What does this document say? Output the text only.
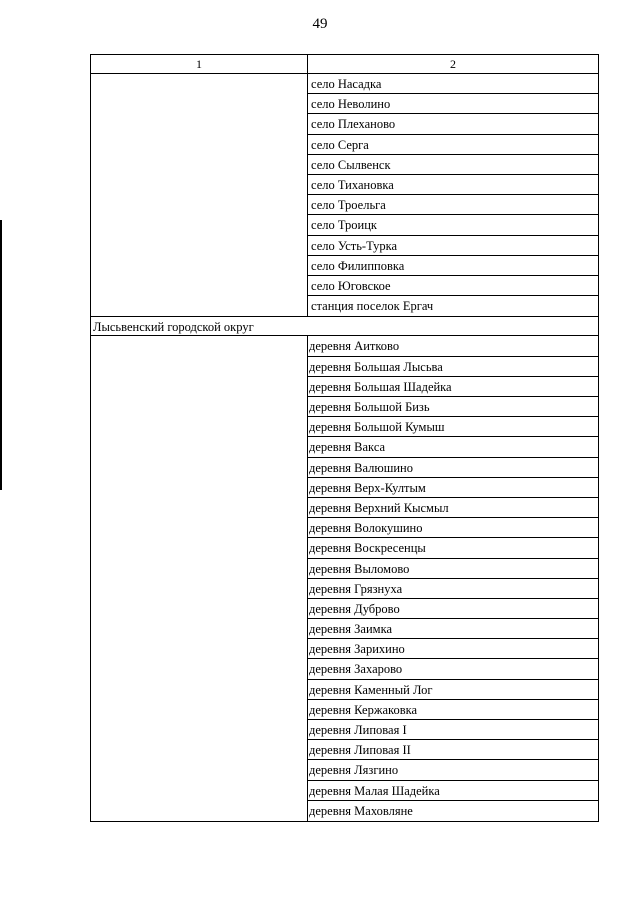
49
1	2
село Насадка
село Неволино
село Плеханово
село Серга
село Сылвенск
село Тихановка
село Троельга
село Троицк
село Усть-Турка
село Филипповка
село Юговское
станция поселок Ергач
Лысьвенский городской округ
деревня Аитково
деревня Большая Лысьва
деревня Большая Шадейка
деревня Большой Бизь
деревня Большой Кумыш
деревня Вакса
деревня Валюшино
деревня Верх-Култым
деревня Верхний Кысмыл
деревня Волокушино
деревня Воскресенцы
деревня Выломово
деревня Грязнуха
деревня Дуброво
деревня Заимка
деревня Зарихино
деревня Захарово
деревня Каменный Лог
деревня Кержаковка
деревня Липовая I
деревня Липовая II
деревня Лязгино
деревня Малая Шадейка
деревня Маховляне
